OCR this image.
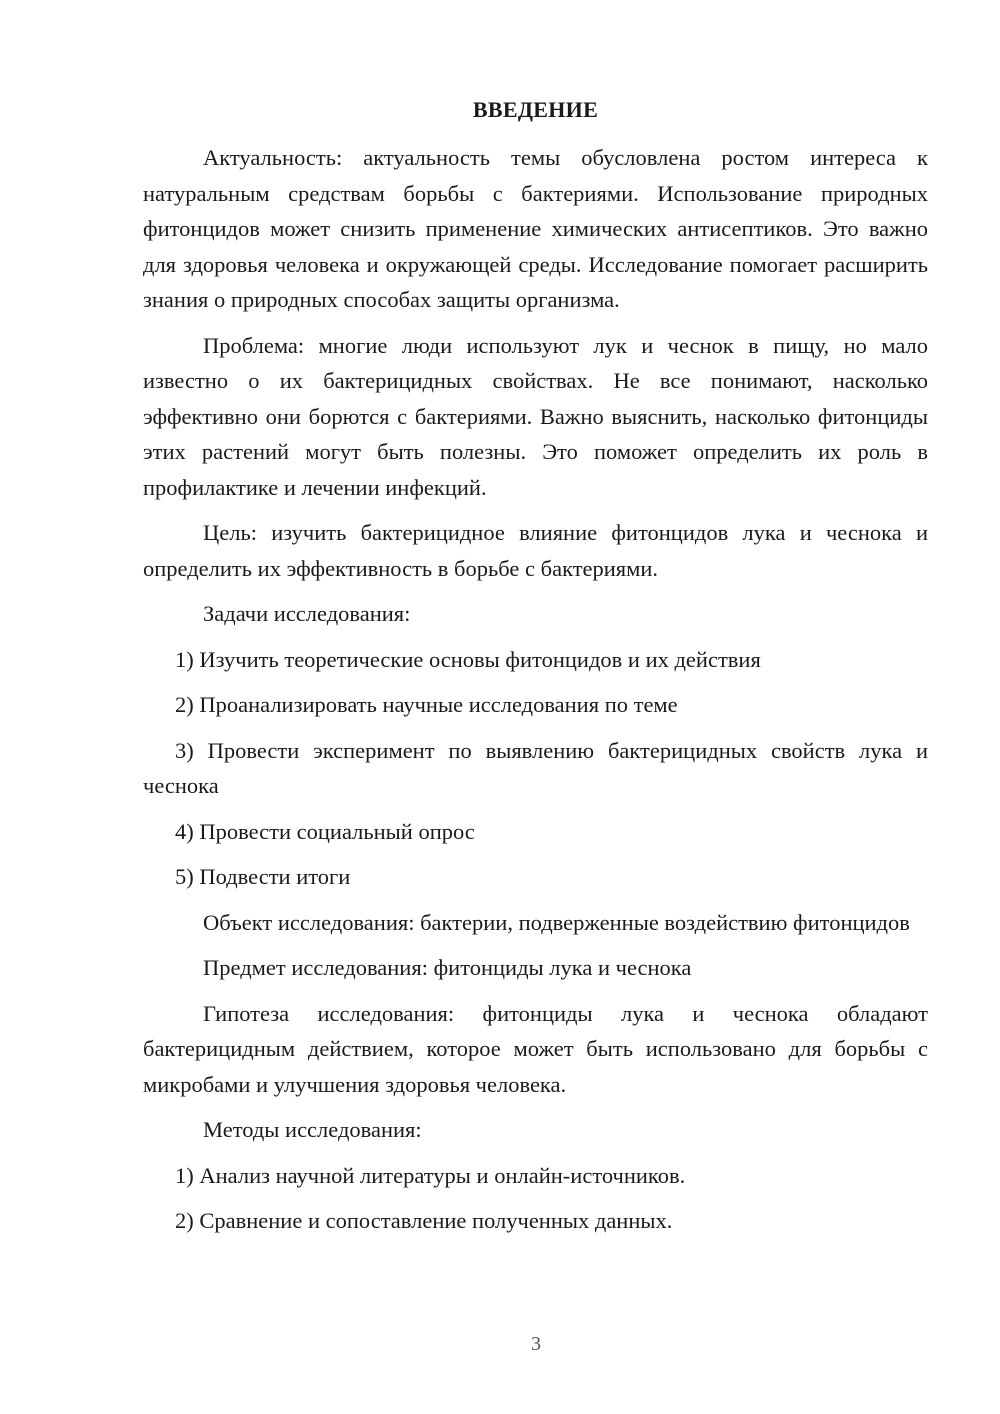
ВВЕДЕНИЕ

Актуальность: актуальность темы обусловлена ростом интереса к натуральным средствам борьбы с бактериями. Использование природных фитонцидов может снизить применение химических антисептиков. Это важно для здоровья человека и окружающей среды. Исследование помогает расширить знания о природных способах защиты организма.

Проблема: многие люди используют лук и чеснок в пищу, но мало известно о их бактерицидных свойствах. Не все понимают, насколько эффективно они борются с бактериями. Важно выяснить, насколько фитонциды этих растений могут быть полезны. Это поможет определить их роль в профилактике и лечении инфекций.

Цель: изучить бактерицидное влияние фитонцидов лука и чеснока и определить их эффективность в борьбе с бактериями.

Задачи исследования:

1) Изучить теоретические основы фитонцидов и их действия
2) Проанализировать научные исследования по теме
3) Провести эксперимент по выявлению бактерицидных свойств лука и чеснока
4) Провести социальный опрос
5) Подвести итоги

Объект исследования: бактерии, подверженные воздействию фитонцидов

Предмет исследования: фитонциды лука и чеснока

Гипотеза исследования: фитонциды лука и чеснока обладают бактерицидным действием, которое может быть использовано для борьбы с микробами и улучшения здоровья человека.

Методы исследования:

1) Анализ научной литературы и онлайн-источников.
2) Сравнение и сопоставление полученных данных.
3
